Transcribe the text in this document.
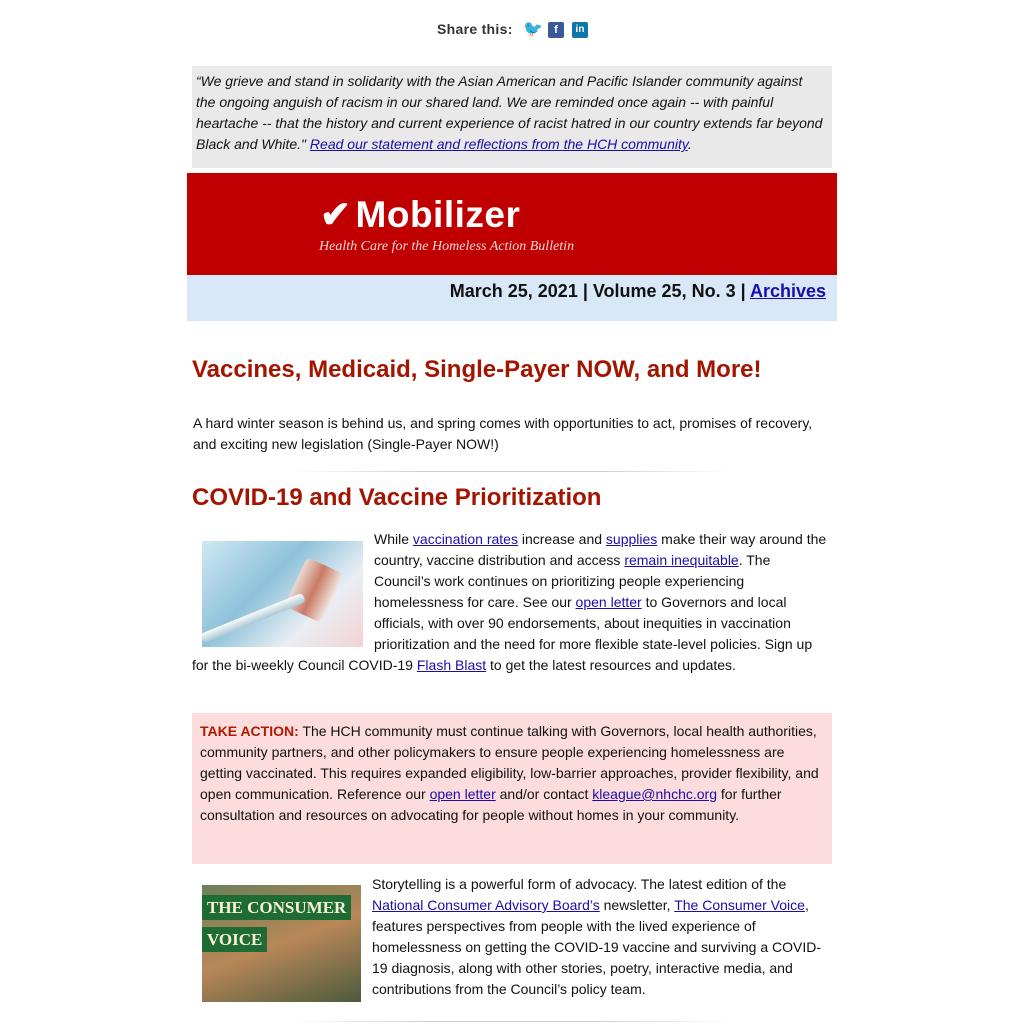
Share this: 🐦	f	in
“We grieve and stand in solidarity with the Asian American and Pacific Islander community against the ongoing anguish of racism in our shared land. We are reminded once again -- with painful heartache -- that the history and current experience of racist hatred in our country extends far beyond Black and White." Read our statement and reflections from the HCH community.
✔ Mobilizer
Health Care for the Homeless Action Bulletin
March 25, 2021 | Volume 25, No. 3 | Archives
Vaccines, Medicaid, Single-Payer NOW, and More!
A hard winter season is behind us, and spring comes with opportunities to act, promises of recovery, and exciting new legislation (Single-Payer NOW!)
COVID-19 and Vaccine Prioritization
While vaccination rates increase and supplies make their way around the country, vaccine distribution and access remain inequitable. The Council’s work continues on prioritizing people experiencing homelessness for care. See our open letter to Governors and local officials, with over 90 endorsements, about inequities in vaccination prioritization and the need for more flexible state-level policies. Sign up for the bi-weekly Council COVID-19 Flash Blast to get the latest resources and updates.
TAKE ACTION: The HCH community must continue talking with Governors, local health authorities, community partners, and other policymakers to ensure people experiencing homelessness are getting vaccinated. This requires expanded eligibility, low-barrier approaches, provider flexibility, and open communication. Reference our open letter and/or contact kleague@nhchc.org for further consultation and resources on advocating for people without homes in your community.
THE CONSUMER
VOICE
Storytelling is a powerful form of advocacy. The latest edition of the National Consumer Advisory Board’s newsletter, The Consumer Voice, features perspectives from people with the lived experience of homelessness on getting the COVID-19 vaccine and surviving a COVID-19 diagnosis, along with other stories, poetry, interactive media, and contributions from the Council’s policy team.
